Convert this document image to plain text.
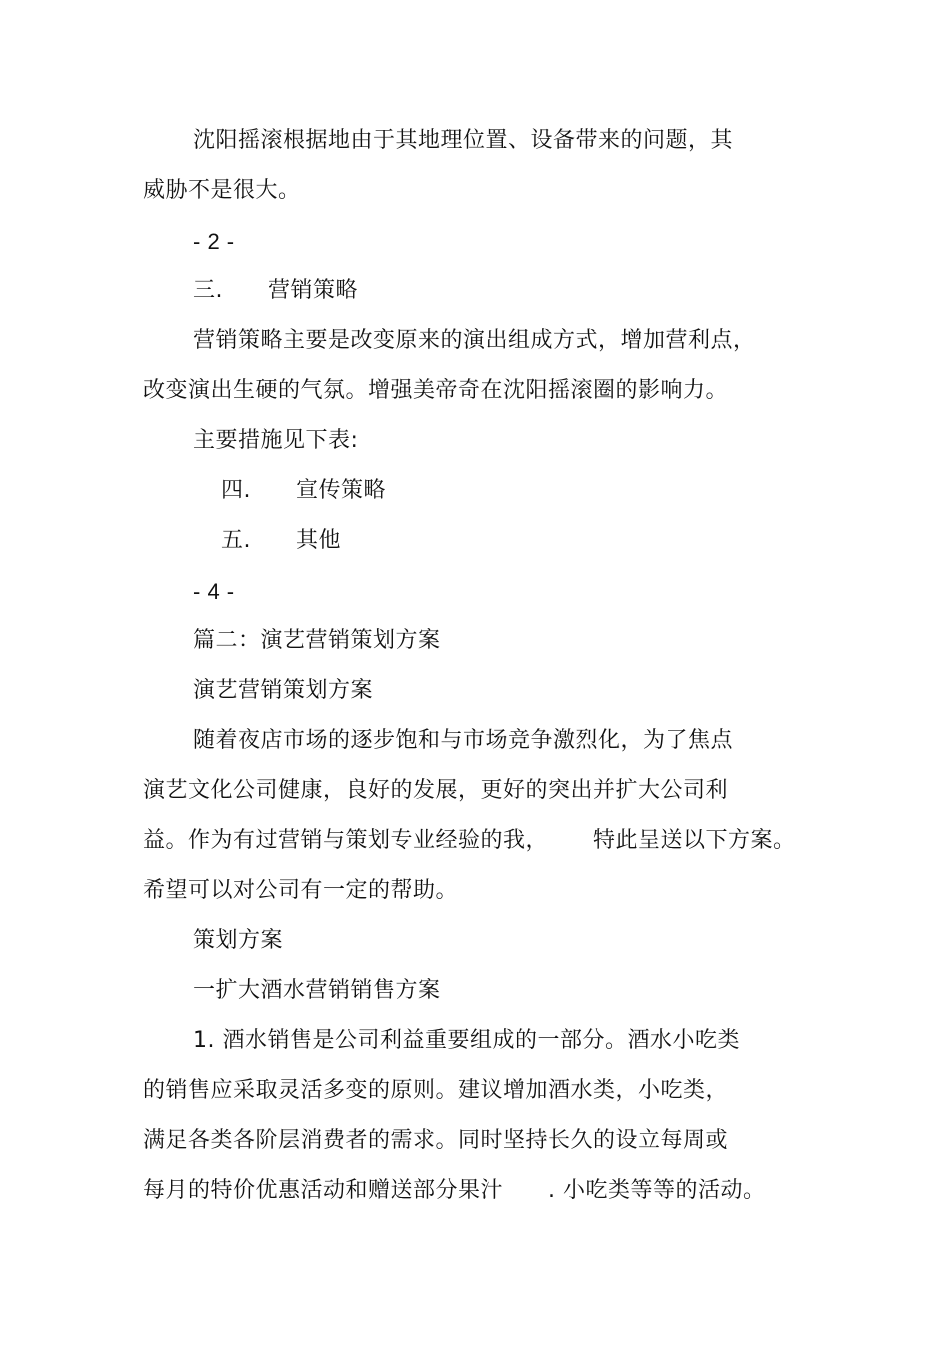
沈阳摇滚根据地由于其地理位置、设备带来的问题，其
威胁不是很大。
- 2 -
三.      营销策略
营销策略主要是改变原来的演出组成方式，增加营利点，
改变演出生硬的气氛。增强美帝奇在沈阳摇滚圈的影响力。
主要措施见下表:
四.      宣传策略
五.      其他
- 4 -
篇二：演艺营销策划方案
演艺营销策划方案
随着夜店市场的逐步饱和与市场竞争激烈化，为了焦点
演艺文化公司健康，良好的发展，更好的突出并扩大公司利
益。作为有过营销与策划专业经验的我，      特此呈送以下方案。
希望可以对公司有一定的帮助。
策划方案
一扩大酒水营销销售方案
1. 酒水销售是公司利益重要组成的一部分。酒水小吃类
的销售应采取灵活多变的原则。建议增加酒水类，小吃类，
满足各类各阶层消费者的需求。同时坚持长久的设立每周或
每月的特价优惠活动和赠送部分果汁      . 小吃类等等的活动。
